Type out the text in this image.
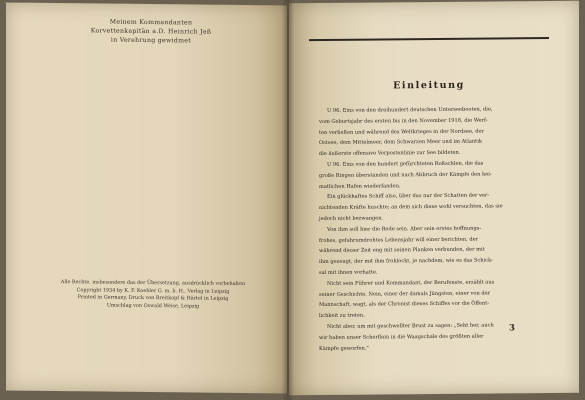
Meinem Kommandanten
Korvettenkapitän a.D. Heinrich Jeß
in Verehrung gewidmet
Alle Rechte, insbesondere das der Übersetzung, ausdrücklich vorbehalten
Copyright 1934 by K. F. Koehler G. m. b. H., Verlag in Leipzig
Printed in Germany. Druck von Breitkopf & Härtel in Leipzig
Umschlag von Oswald Weise, Leipzig
Einleitung
U 96. Eins von den dreihundert deutschen Unterseebooten, die,
vom Geburtsjahr des ersten bis in den November 1918, die Werf-
ten verließen und während des Weltkrieges in der Nordsee, der
Ostsee, dem Mittelmeer, dem Schwarzen Meer und im Atlantik
die äußerste offensive Vorpostenlinie zur See bildeten.
U 96. Eins von den hundert gefürchteten Roßschlen, die das
große Ringen überstanden und nach Abbruch der Kämpfe den hei-
matlichen Hafen wiederfanden.
Ein glückhaftes Schiff also, über das nur der Schatten der ver-
nichtenden Kräfte huschte; an dem sich diese wohl versuchten, das sie
jedoch nicht bezwangen.
Von ihm soll hier die Rede sein. Aber sein erstes hoffnungs-
frohes, gefahrumdrohtes Lebensjahr will einer berichten, der
während dieser Zeit eng mit seinen Planken verbunden, der mit
ihm gezeugt, der mit ihm frohlockt, je nachdem, wie es das Schick-
sal mit ihnen vorhatte.
Nicht sein Führer und Kommandant, der Berufenste, erzählt aus
seiner Geschichte. Nein, einer der damals Jüngsten, einer von der
Mannschaft, wagt, als der Chronist dieses Schiffes vor die Öffent-
lichkeit zu treten.
Nicht aber, um mit geschwellter Brust zu sagen: „Seht her, auch
wir haben unser Scherflein in die Waagschale des größten aller
Kämpfe geworfen."
3
